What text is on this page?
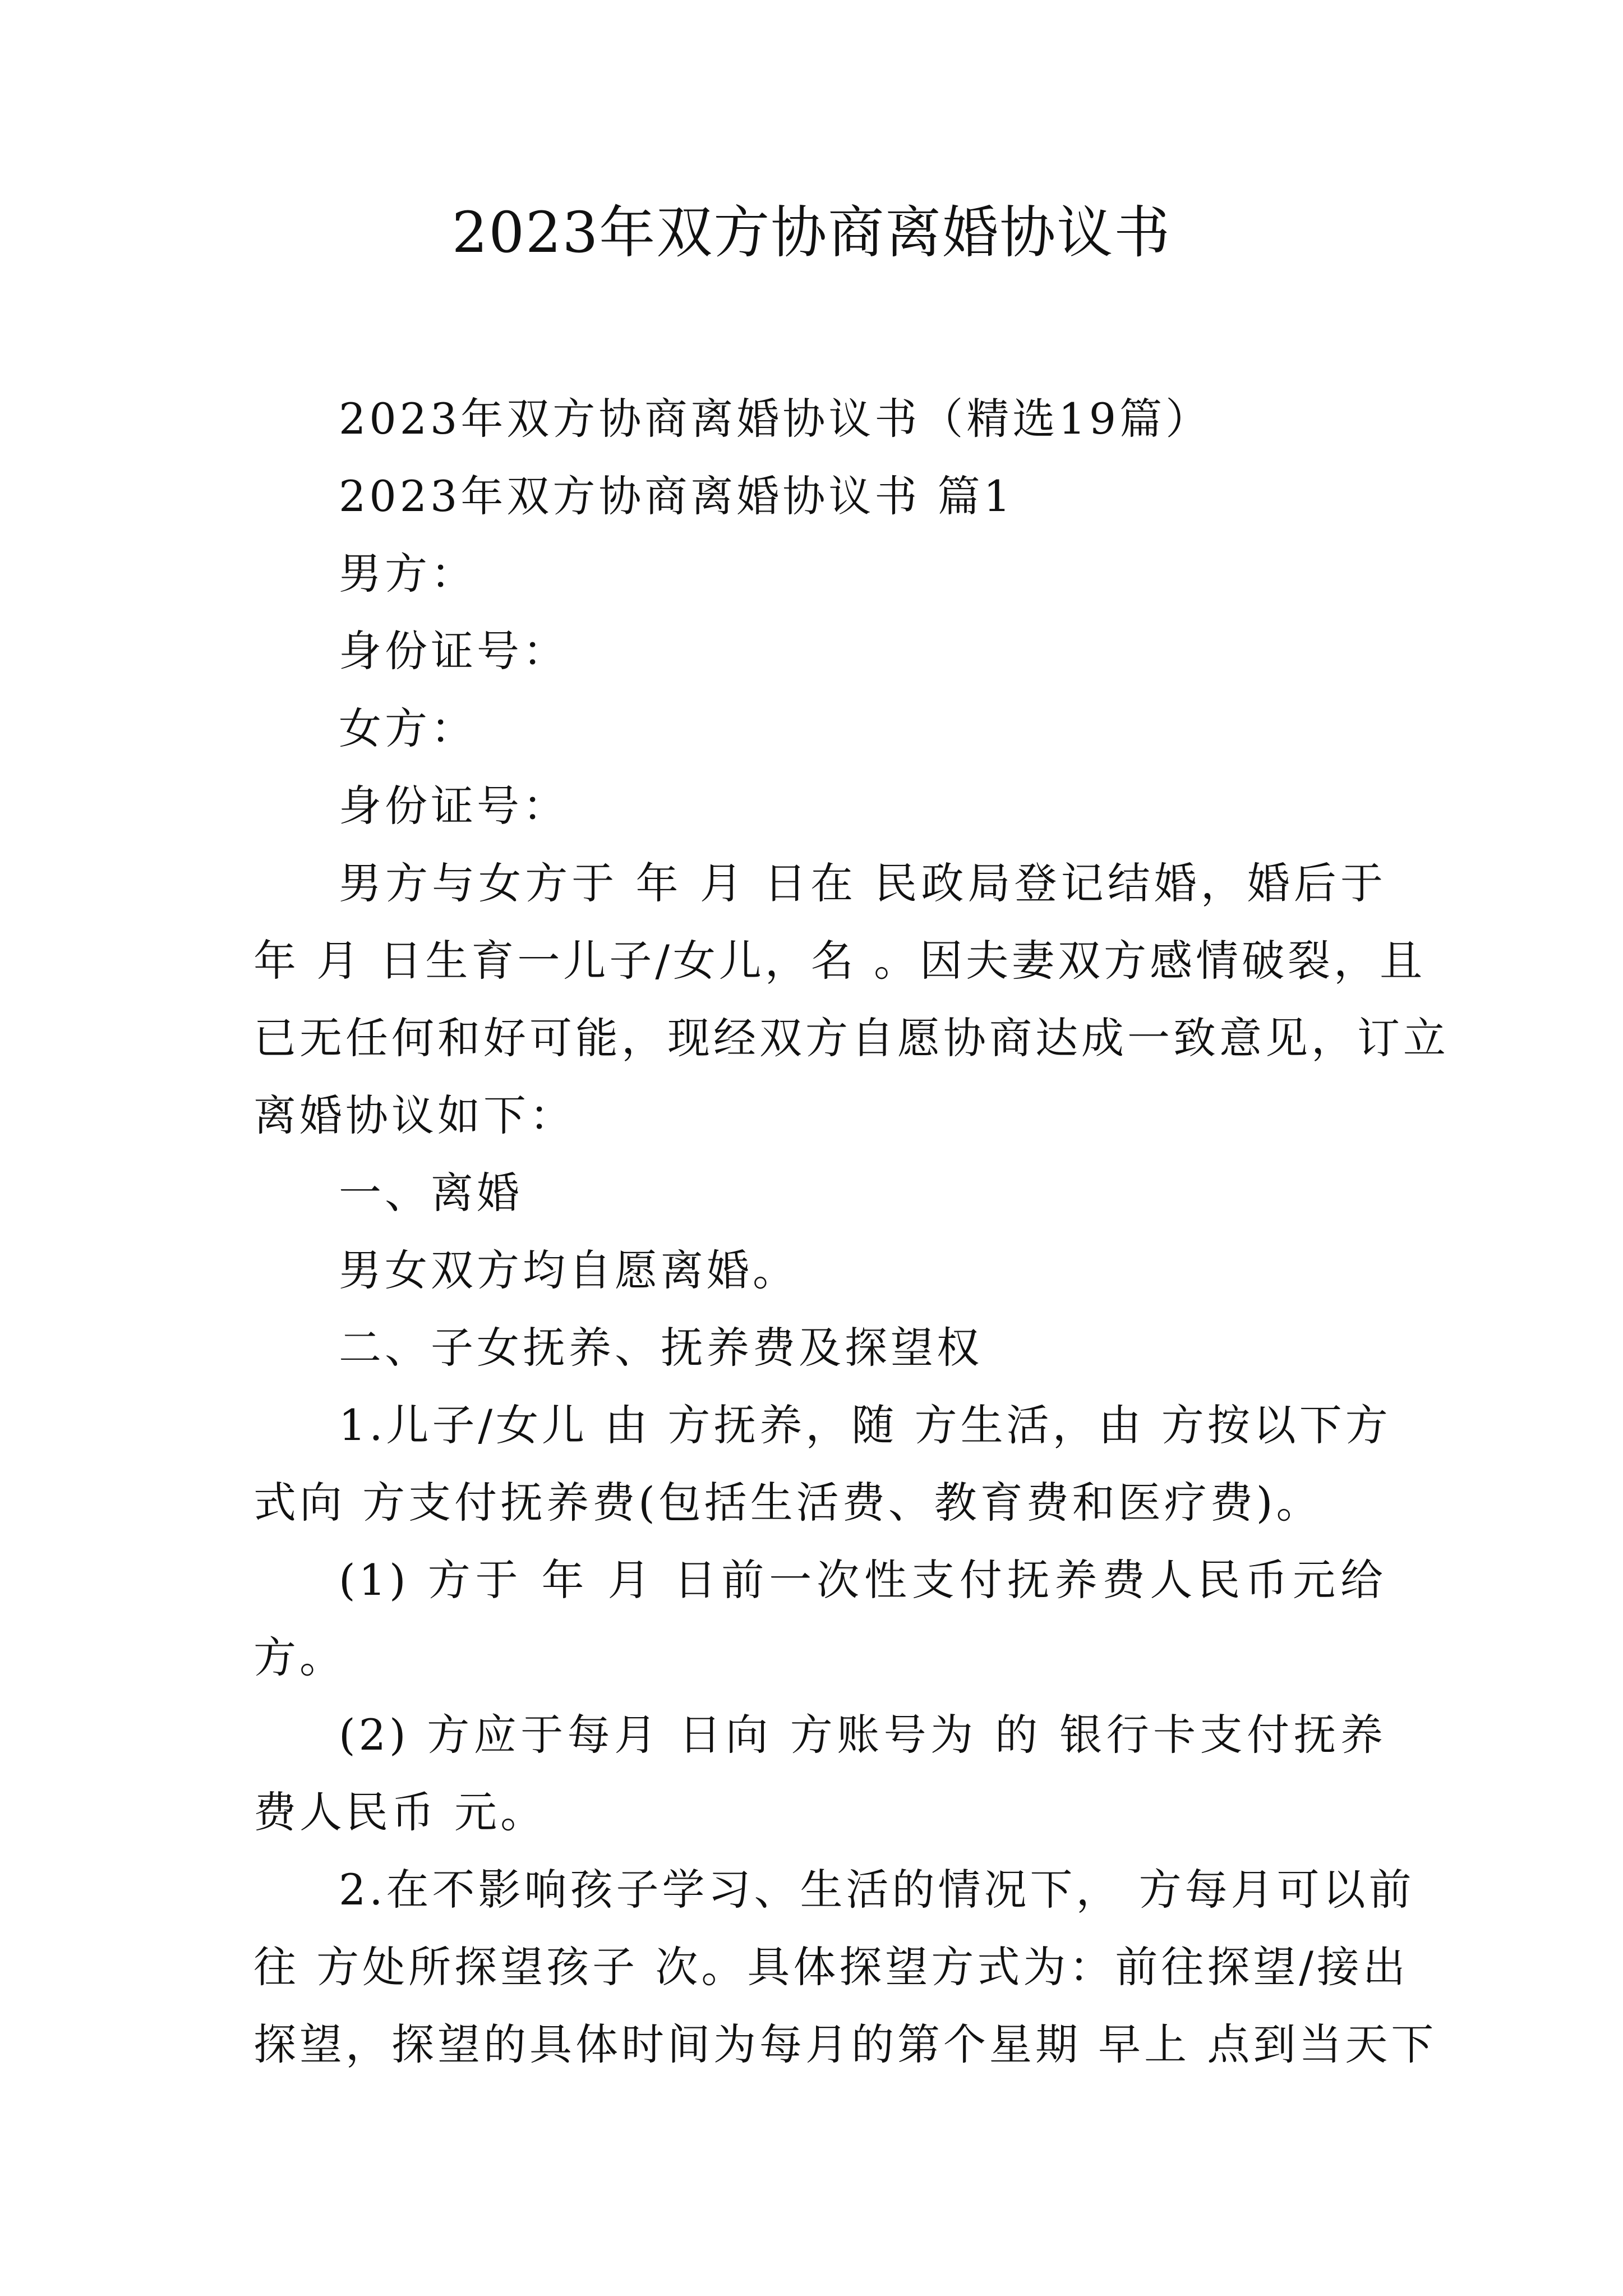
2023年双方协商离婚协议书
2023年双方协商离婚协议书（精选19篇）
2023年双方协商离婚协议书 篇1
男方：
身份证号：
女方：
身份证号：
男方与女方于 年 月 日在 民政局登记结婚，婚后于
年 月 日生育一儿子/女儿，名 。因夫妻双方感情破裂，且
已无任何和好可能，现经双方自愿协商达成一致意见，订立
离婚协议如下：
一、离婚
男女双方均自愿离婚。
二、子女抚养、抚养费及探望权
1.儿子/女儿 由 方抚养，随 方生活，由 方按以下方
式向 方支付抚养费(包括生活费、教育费和医疗费)。
(1) 方于 年 月 日前一次性支付抚养费人民币元给
方。
(2) 方应于每月 日向 方账号为 的 银行卡支付抚养
费人民币 元。
2.在不影响孩子学习、生活的情况下， 方每月可以前
往 方处所探望孩子 次。具体探望方式为：前往探望/接出
探望，探望的具体时间为每月的第个星期 早上 点到当天下
